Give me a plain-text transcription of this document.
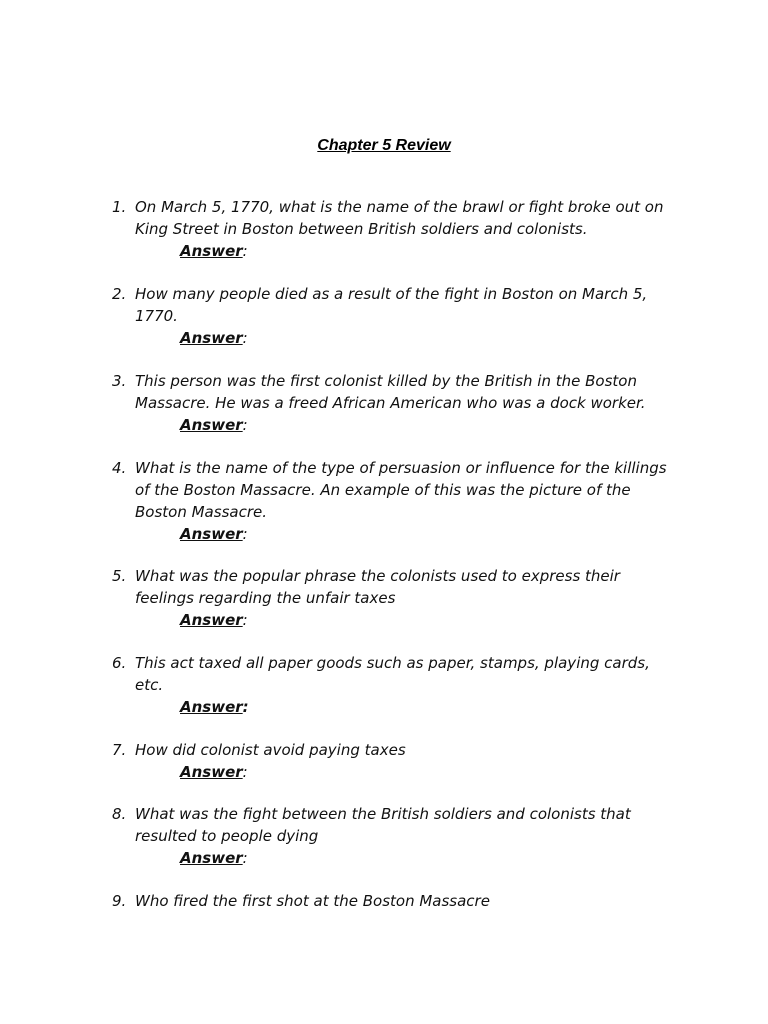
Chapter 5 Review
1. On March 5, 1770, what is the name of the brawl or fight broke out on
King Street in Boston between British soldiers and colonists.
Answer:
2. How many people died as a result of the fight in Boston on March 5,
1770.
Answer:
3. This person was the first colonist killed by the British in the Boston
Massacre. He was a freed African American who was a dock worker.
Answer:
4. What is the name of the type of persuasion or influence for the killings
of the Boston Massacre. An example of this was the picture of the
Boston Massacre.
Answer:
5. What was the popular phrase the colonists used to express their
feelings regarding the unfair taxes
Answer:
6. This act taxed all paper goods such as paper, stamps, playing cards,
etc.
Answer:
7. How did colonist avoid paying taxes
Answer:
8. What was the fight between the British soldiers and colonists that
resulted to people dying
Answer:
9. Who fired the first shot at the Boston Massacre
